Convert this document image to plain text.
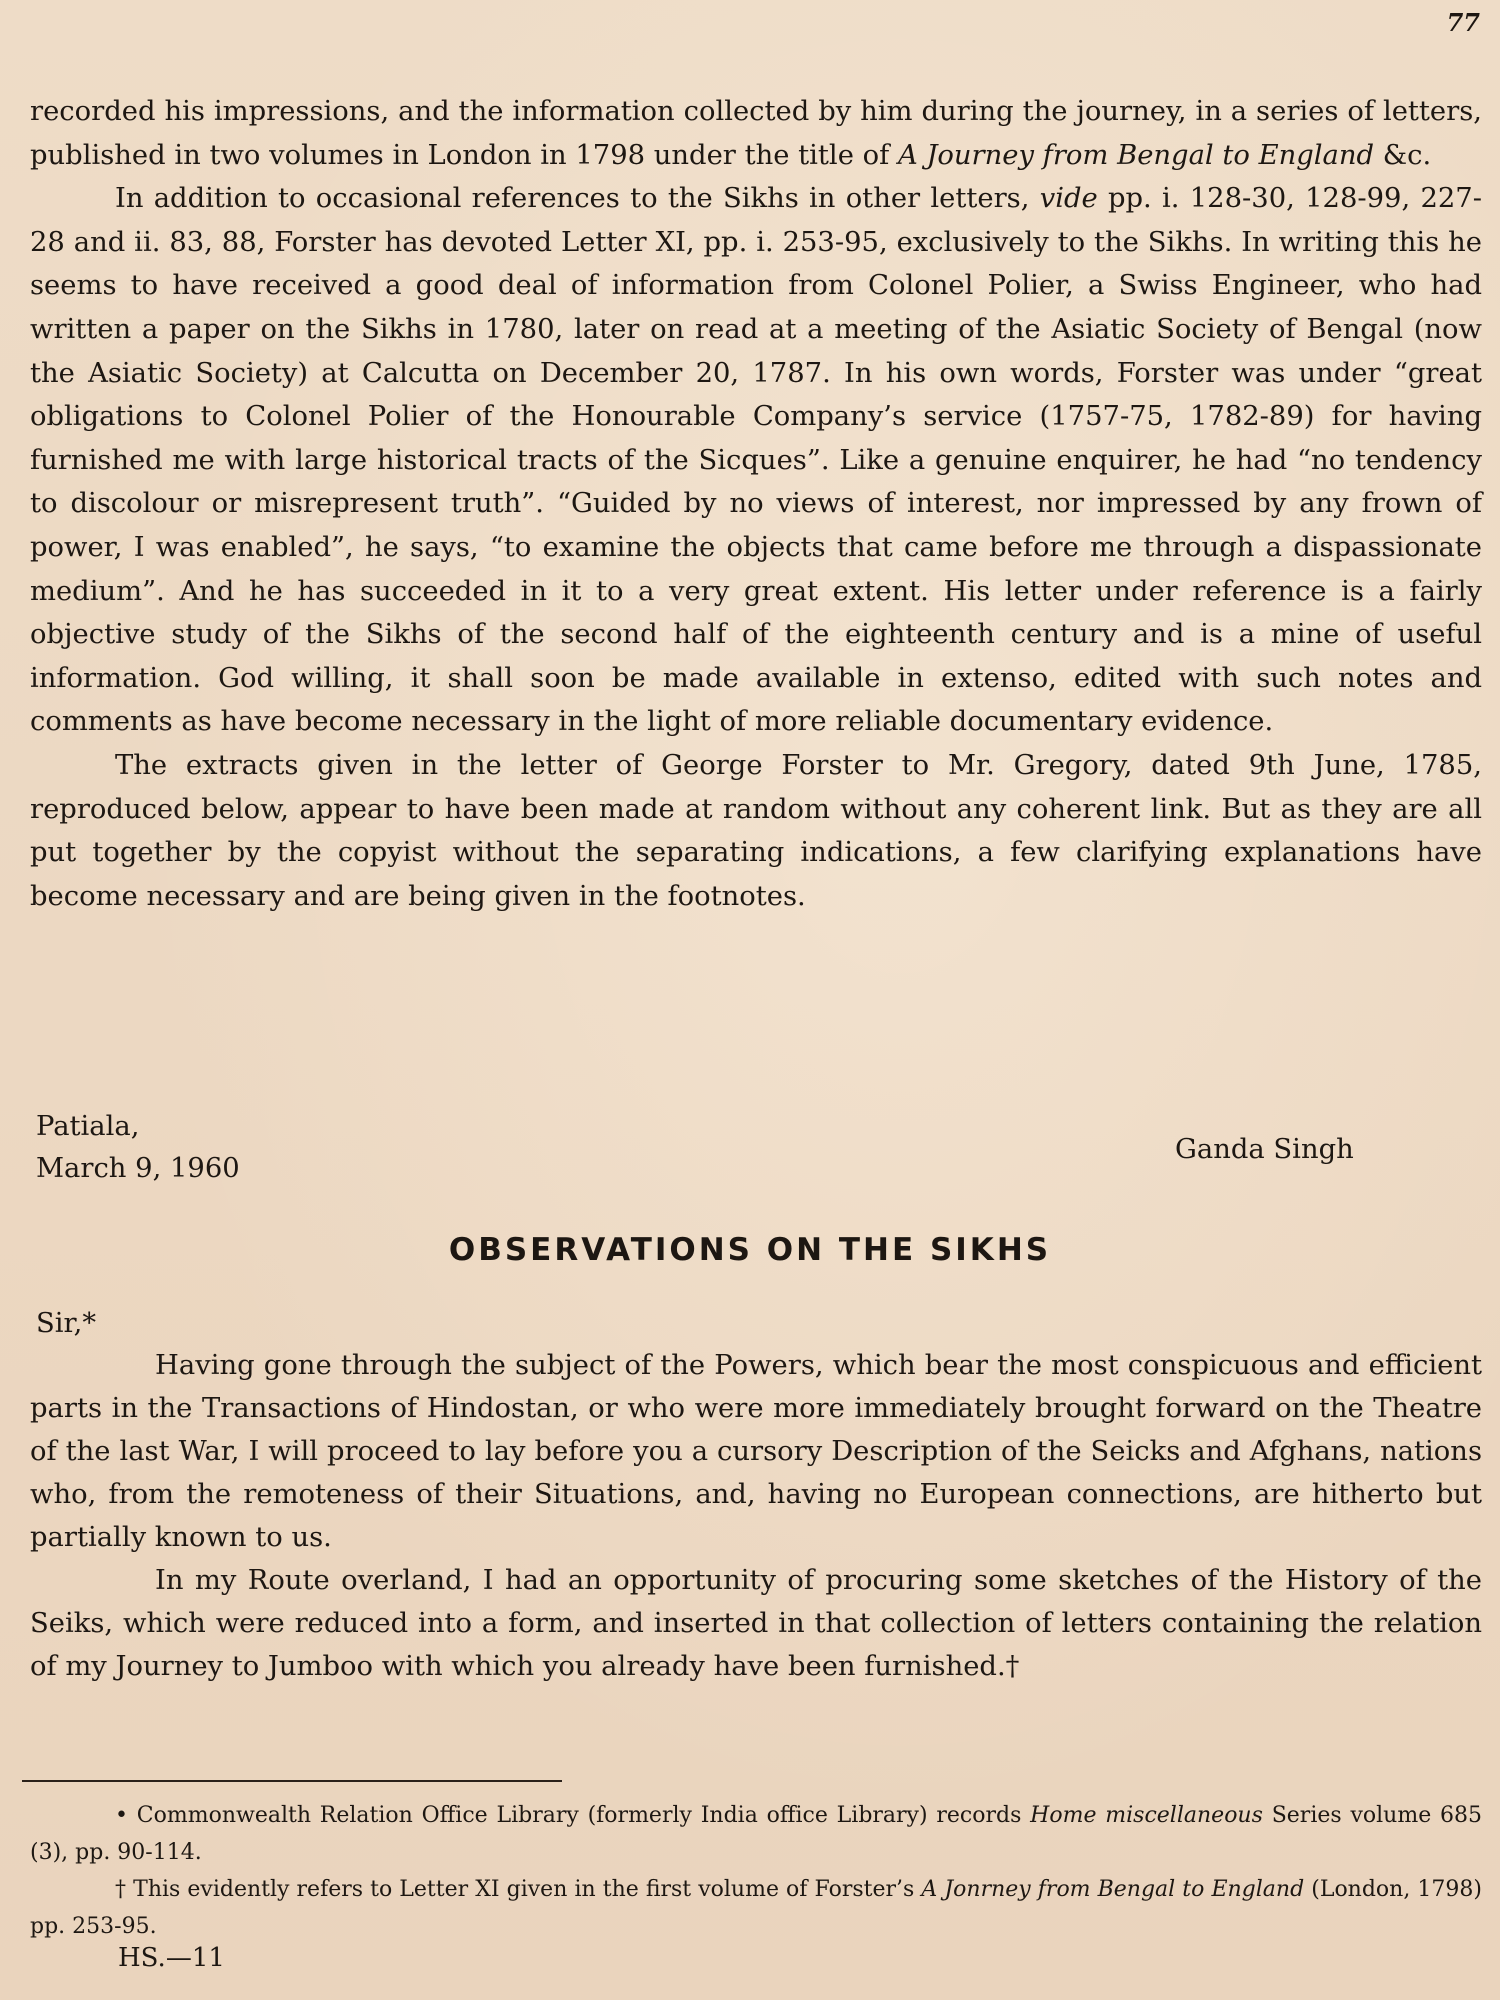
77

recorded his impressions, and the information collected by him during the journey, in a series of letters, published in two volumes in London in 1798 under the title of A Journey from Bengal to England &c.

In addition to occasional references to the Sikhs in other letters, vide pp. i. 128-30, 128-99, 227-28 and ii. 83, 88, Forster has devoted Letter XI, pp. i. 253-95, exclusively to the Sikhs. In writing this he seems to have received a good deal of information from Colonel Polier, a Swiss Engineer, who had written a paper on the Sikhs in 1780, later on read at a meeting of the Asiatic Society of Bengal (now the Asiatic Society) at Calcutta on December 20, 1787. In his own words, Forster was under “great obligations to Colonel Polier of the Honourable Company’s service (1757-75, 1782-89) for having furnished me with large historical tracts of the Sicques”. Like a genuine enquirer, he had “no tendency to discolour or misrepresent truth”. “Guided by no views of interest, nor impressed by any frown of power, I was enabled”, he says, “to examine the objects that came before me through a dispassionate medium”. And he has succeeded in it to a very great extent. His letter under reference is a fairly objective study of the Sikhs of the second half of the eighteenth century and is a mine of useful information. God willing, it shall soon be made available in extenso, edited with such notes and comments as have become necessary in the light of more reliable documentary evidence.

The extracts given in the letter of George Forster to Mr. Gregory, dated 9th June, 1785, reproduced below, appear to have been made at random without any coherent link. But as they are all put together by the copyist without the separating indications, a few clarifying explanations have become necessary and are being given in the footnotes.

Patiala,
March 9, 1960
Ganda Singh
OBSERVATIONS ON THE SIKHS
Sir,*

Having gone through the subject of the Powers, which bear the most conspicuous and efficient parts in the Transactions of Hindostan, or who were more immediately brought forward on the Theatre of the last War, I will proceed to lay before you a cursory Description of the Seicks and Afghans, nations who, from the remoteness of their Situations, and, having no European connections, are hitherto but partially known to us.

In my Route overland, I had an opportunity of procuring some sketches of the History of the Seiks, which were reduced into a form, and inserted in that collection of letters containing the relation of my Journey to Jumboo with which you already have been furnished.†

• Commonwealth Relation Office Library (formerly India office Library) records Home miscellaneous Series volume 685 (3), pp. 90-114.

† This evidently refers to Letter XI given in the first volume of Forster’s A Jonrney from Bengal to England (London, 1798) pp. 253-95.

HS.—11
